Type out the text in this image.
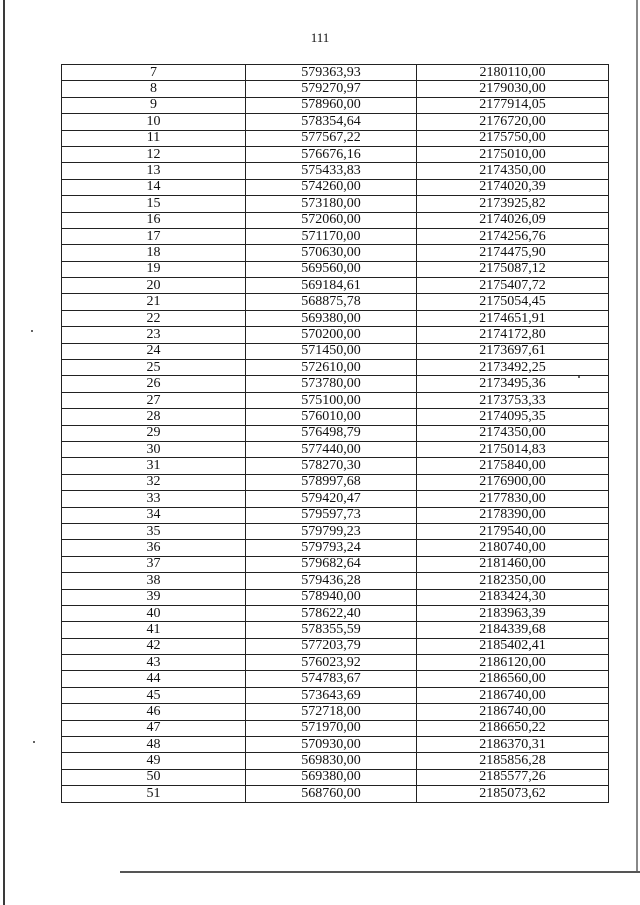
111
7	579363,93	2180110,00
8	579270,97	2179030,00
9	578960,00	2177914,05
10	578354,64	2176720,00
11	577567,22	2175750,00
12	576676,16	2175010,00
13	575433,83	2174350,00
14	574260,00	2174020,39
15	573180,00	2173925,82
16	572060,00	2174026,09
17	571170,00	2174256,76
18	570630,00	2174475,90
19	569560,00	2175087,12
20	569184,61	2175407,72
21	568875,78	2175054,45
22	569380,00	2174651,91
23	570200,00	2174172,80
24	571450,00	2173697,61
25	572610,00	2173492,25
26	573780,00	2173495,36
27	575100,00	2173753,33
28	576010,00	2174095,35
29	576498,79	2174350,00
30	577440,00	2175014,83
31	578270,30	2175840,00
32	578997,68	2176900,00
33	579420,47	2177830,00
34	579597,73	2178390,00
35	579799,23	2179540,00
36	579793,24	2180740,00
37	579682,64	2181460,00
38	579436,28	2182350,00
39	578940,00	2183424,30
40	578622,40	2183963,39
41	578355,59	2184339,68
42	577203,79	2185402,41
43	576023,92	2186120,00
44	574783,67	2186560,00
45	573643,69	2186740,00
46	572718,00	2186740,00
47	571970,00	2186650,22
48	570930,00	2186370,31
49	569830,00	2185856,28
50	569380,00	2185577,26
51	568760,00	2185073,62
